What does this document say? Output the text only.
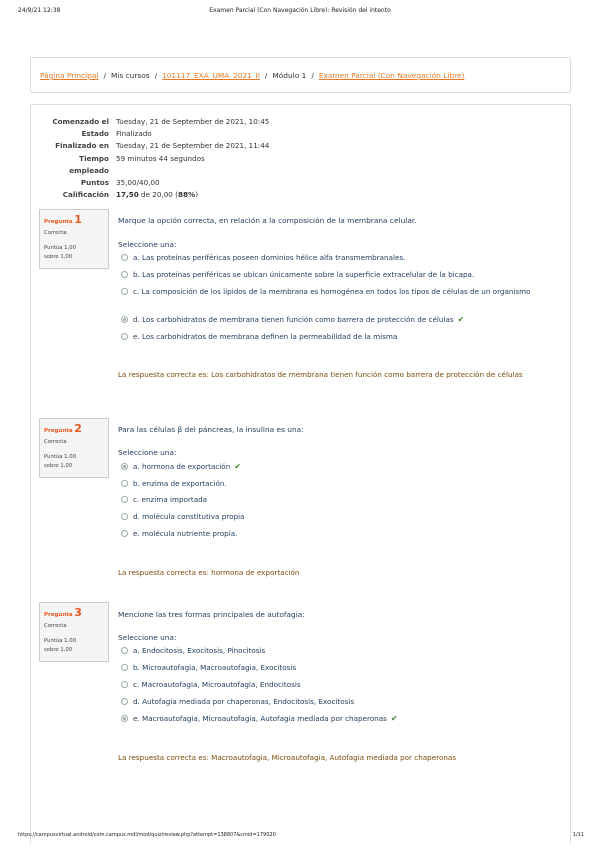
24/9/21 12:38	Examen Parcial (Con Navegación Libre): Revisión del intento
Página Principal / Mis cursos / 101117_EXA_UMA_2021_II / Módulo 1 / Examen Parcial (Con Navegación Libre)
Comenzado el Tuesday, 21 de September de 2021, 10:45
Estado Finalizado
Finalizado en Tuesday, 21 de September de 2021, 11:44
Tiempo 59 minutos 44 segundos
empleado
Puntos 35,00/40,00
Calificación 17,50 de 20,00 (88%)
Pregunta 1
Correcta
Puntúa 1,00
sobre 1,00
Marque la opción correcta, en relación a la composición de la membrana celular.
Seleccione una:
a. Las proteínas periféricas poseen dominios hélice alfa transmembranales.
b. Las proteínas periféricas se ubican únicamente sobre la superficie extracelular de la bicapa.
c. La composición de los lípidos de la membrana es homogénea en todos los tipos de células de un organismo
d. Los carbohidratos de membrana tienen función como barrera de protección de células ✔
e. Los carbohidratos de membrana definen la permeabilidad de la misma
La respuesta correcta es: Los carbohidratos de membrana tienen función como barrera de protección de células
Pregunta 2
Correcta
Puntúa 1,00
sobre 1,00
Para las células β del páncreas, la insulina es una:
Seleccione una:
a. hormona de exportación ✔
b. enzima de exportación.
c. enzima importada
d. molécula constitutiva propia
e. molécula nutriente propia.
La respuesta correcta es: hormona de exportación
Pregunta 3
Correcta
Puntúa 1,00
sobre 1,00
Mencione las tres formas principales de autofagia:
Seleccione una:
a. Endocitosis, Exocitosis, Pinocitosis
b. Microautofagia, Macroautofagia, Exocitosis
c. Macroautofagia, Microautofagia, Endocitosis
d. Autofagia mediada por chaperonas, Endocitosis, Exocitosis
e. Macroautofagia, Microautofagia, Autofagia mediada por chaperonas ✔
La respuesta correcta es: Macroautofagia, Microautofagia, Autofagia mediada por chaperonas
https://campusvirtual.android/com.campus.mdl/mod/quiz/review.php?attempt=138807&cmid=179020	1/11
